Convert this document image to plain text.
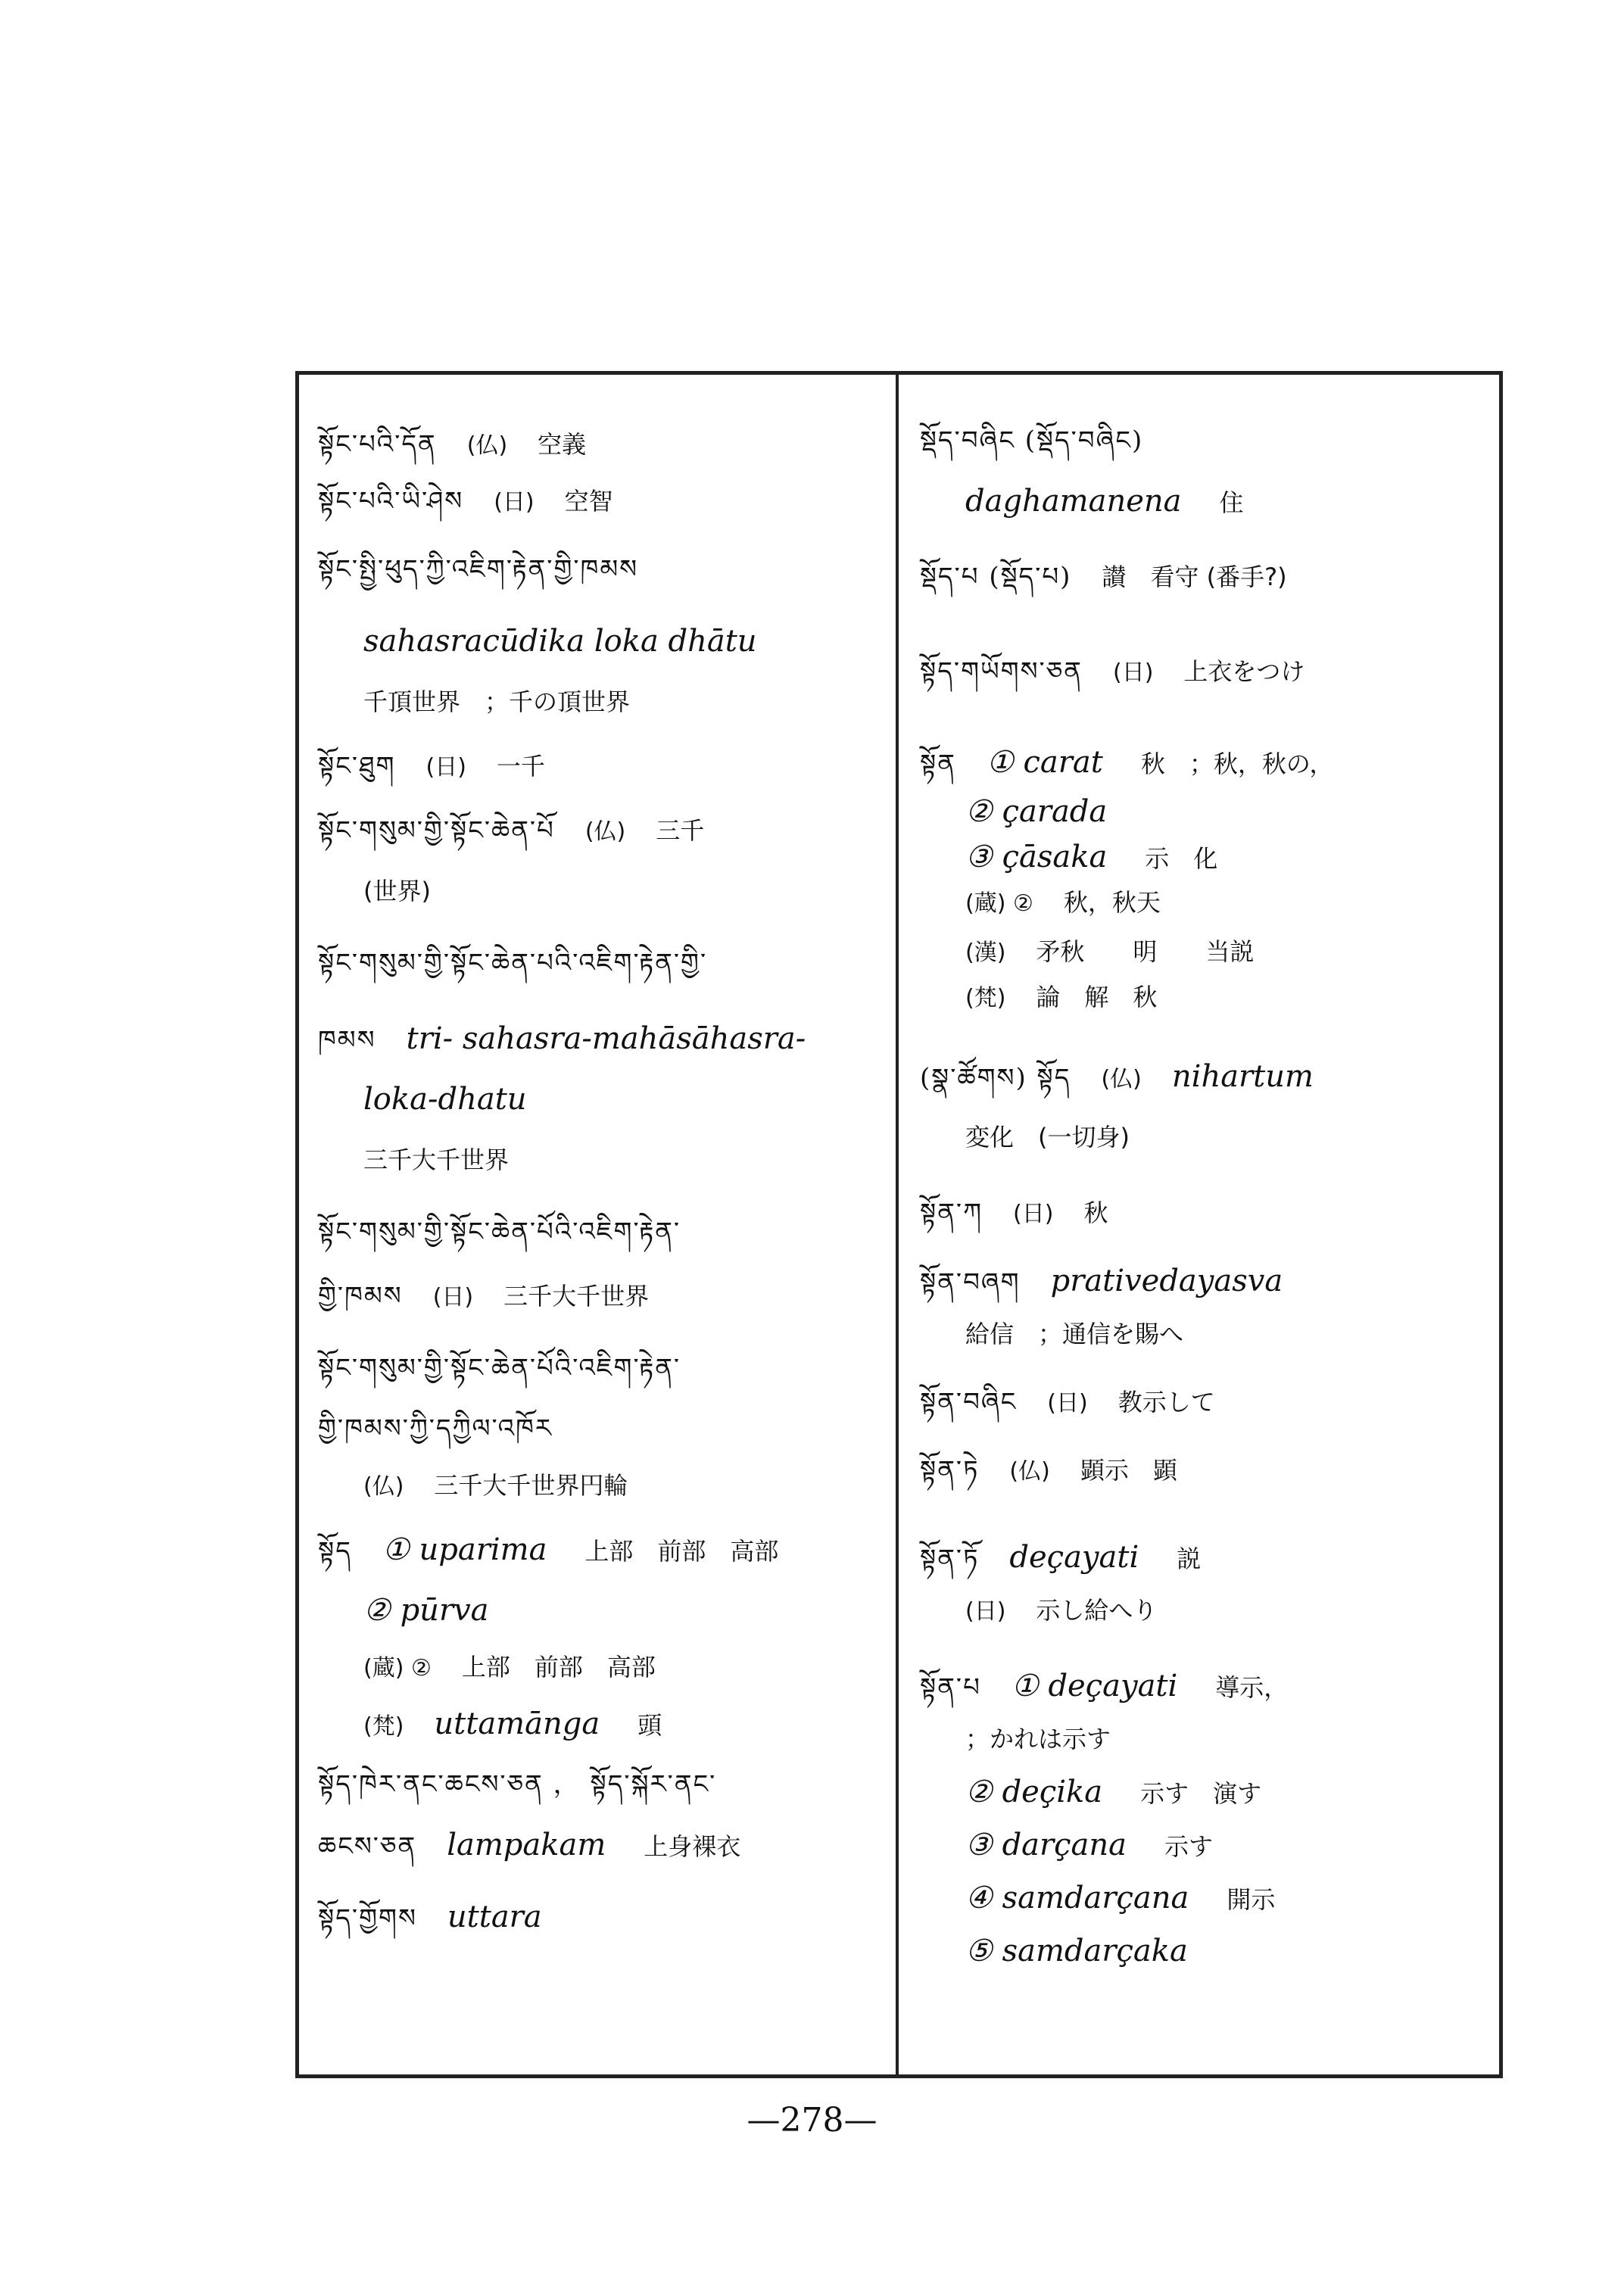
སྟོང་པའི་དོན (仏) 空義
སྟོང་པའི་ཡི་ཤེས (日) 空智
སྟོང་སྤྱི་ཕུད་ཀྱི་འཇིག་རྟེན་གྱི་ཁམས
sahasracūdika loka dhātu
千頂世界　；千の頂世界
སྟོང་ཐུག (日) 一千
སྟོང་གསུམ་གྱི་སྟོང་ཆེན་པོ (仏) 三千
(世界)
སྟོང་གསུམ་གྱི་སྟོང་ཆེན་པའི་འཇིག་རྟེན་གྱི་
ཁམས tri- sahasra-mahāsāhasra-
loka-dhatu
三千大千世界
སྟོང་གསུམ་གྱི་སྟོང་ཆེན་པོའི་འཇིག་རྟེན་
གྱི་ཁམས (日) 三千大千世界
སྟོང་གསུམ་གྱི་སྟོང་ཆེན་པོའི་འཇིག་རྟེན་
གྱི་ཁམས་ཀྱི་དཀྱིལ་འཁོར
(仏) 三千大千世界円輪
སྟོད ① uparima 上部　前部　高部
② pūrva
(蔵) ② 上部　前部　高部
(梵) uttamānga 頭
སྟོད་ཁེར་ནང་ཆངས་ཅན ， སྟོད་སྐོར་ནང་
ཆངས་ཅན lampakam 上身裸衣
སྟོད་གྱོགས uttara
སྡོད་བཞིང (སྡོད་བཞིང)
daghamanena 住
སྡོད་པ (སྡོད་པ) 讃　看守 (番手?)
སྟོད་གཡོགས་ཅན (日) 上衣をつけ
སྟོན ① carat 秋　；秋，秋の，
② çarada
③ çāsaka 示　化
(蔵) ② 秋，秋天
(漢) 矛秋　　明　　当説
(梵) 論　解　秋
(སྣ་ཚོགས) སྟོད (仏) nihartum
変化　(一切身)
སྟོན་ཀ (日) 秋
སྟོན་བཞག prativedayasva
給信　；通信を賜へ
སྟོན་བཞིང (日) 教示して
སྟོན་ཏེ (仏) 顕示　顕
སྟོན་ཏོ deçayati 説
(日) 示し給へり
སྟོན་པ ① deçayati 導示，
；かれは示す
② deçika 示す　演す
③ darçana 示す
④ samdarçana 開示
⑤ samdarçaka
—278—
